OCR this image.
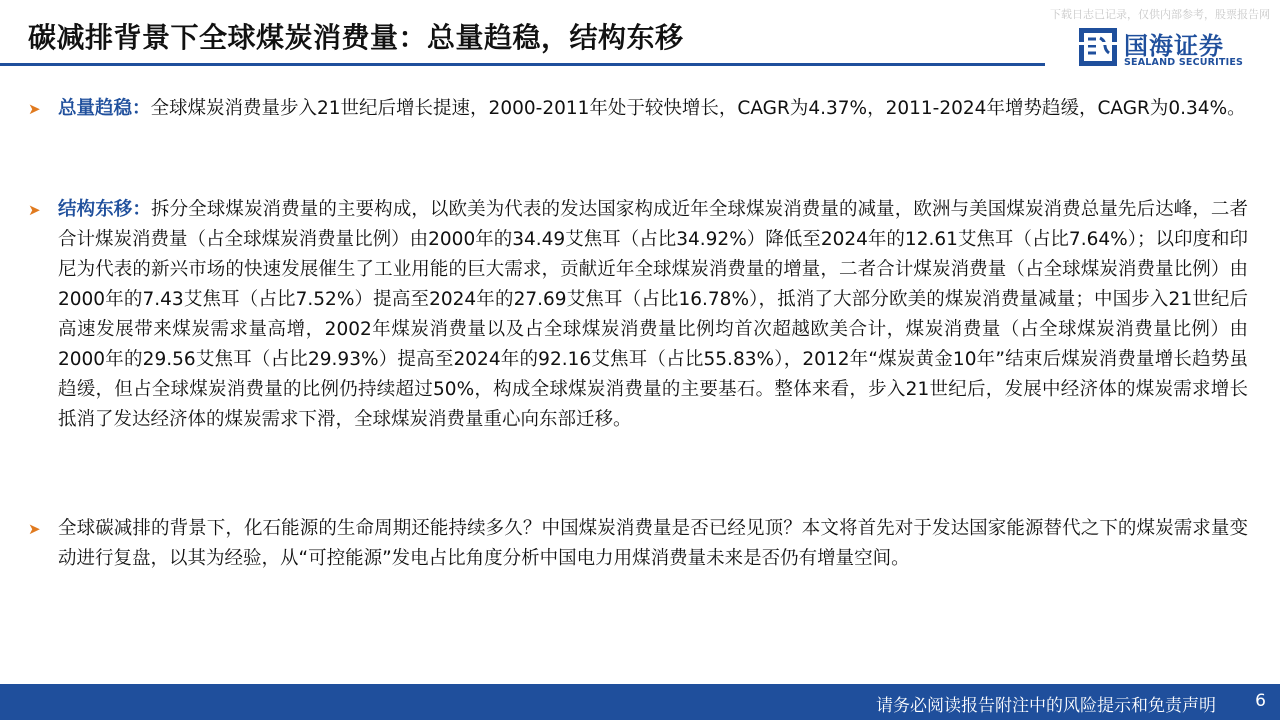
碳减排背景下全球煤炭消费量：总量趋稳，结构东移
下载日志已记录，仅供内部参考，股票报告网
国海证券
SEALAND SECURITIES
➤ 总量趋稳：全球煤炭消费量步入21世纪后增长提速，2000-2011年处于较快增长，CAGR为4.37%，2011-2024年增势趋缓，CAGR为0.34%。
➤ 结构东移：拆分全球煤炭消费量的主要构成，以欧美为代表的发达国家构成近年全球煤炭消费量的减量，欧洲与美国煤炭消费总量先后达峰，二者合计煤炭消费量（占全球煤炭消费量比例）由2000年的34.49艾焦耳（占比34.92%）降低至2024年的12.61艾焦耳（占比7.64%）；以印度和印尼为代表的新兴市场的快速发展催生了工业用能的巨大需求，贡献近年全球煤炭消费量的增量，二者合计煤炭消费量（占全球煤炭消费量比例）由2000年的7.43艾焦耳（占比7.52%）提高至2024年的27.69艾焦耳（占比16.78%），抵消了大部分欧美的煤炭消费量减量；中国步入21世纪后高速发展带来煤炭需求量高增，2002年煤炭消费量以及占全球煤炭消费量比例均首次超越欧美合计，煤炭消费量（占全球煤炭消费量比例）由2000年的29.56艾焦耳（占比29.93%）提高至2024年的92.16艾焦耳（占比55.83%），2012年“煤炭黄金10年”结束后煤炭消费量增长趋势虽趋缓，但占全球煤炭消费量的比例仍持续超过50%，构成全球煤炭消费量的主要基石。整体来看，步入21世纪后，发展中经济体的煤炭需求增长抵消了发达经济体的煤炭需求下滑，全球煤炭消费量重心向东部迁移。
➤ 全球碳减排的背景下，化石能源的生命周期还能持续多久？中国煤炭消费量是否已经见顶？本文将首先对于发达国家能源替代之下的煤炭需求量变动进行复盘，以其为经验，从“可控能源”发电占比角度分析中国电力用煤消费量未来是否仍有增量空间。
请务必阅读报告附注中的风险提示和免责声明 6
